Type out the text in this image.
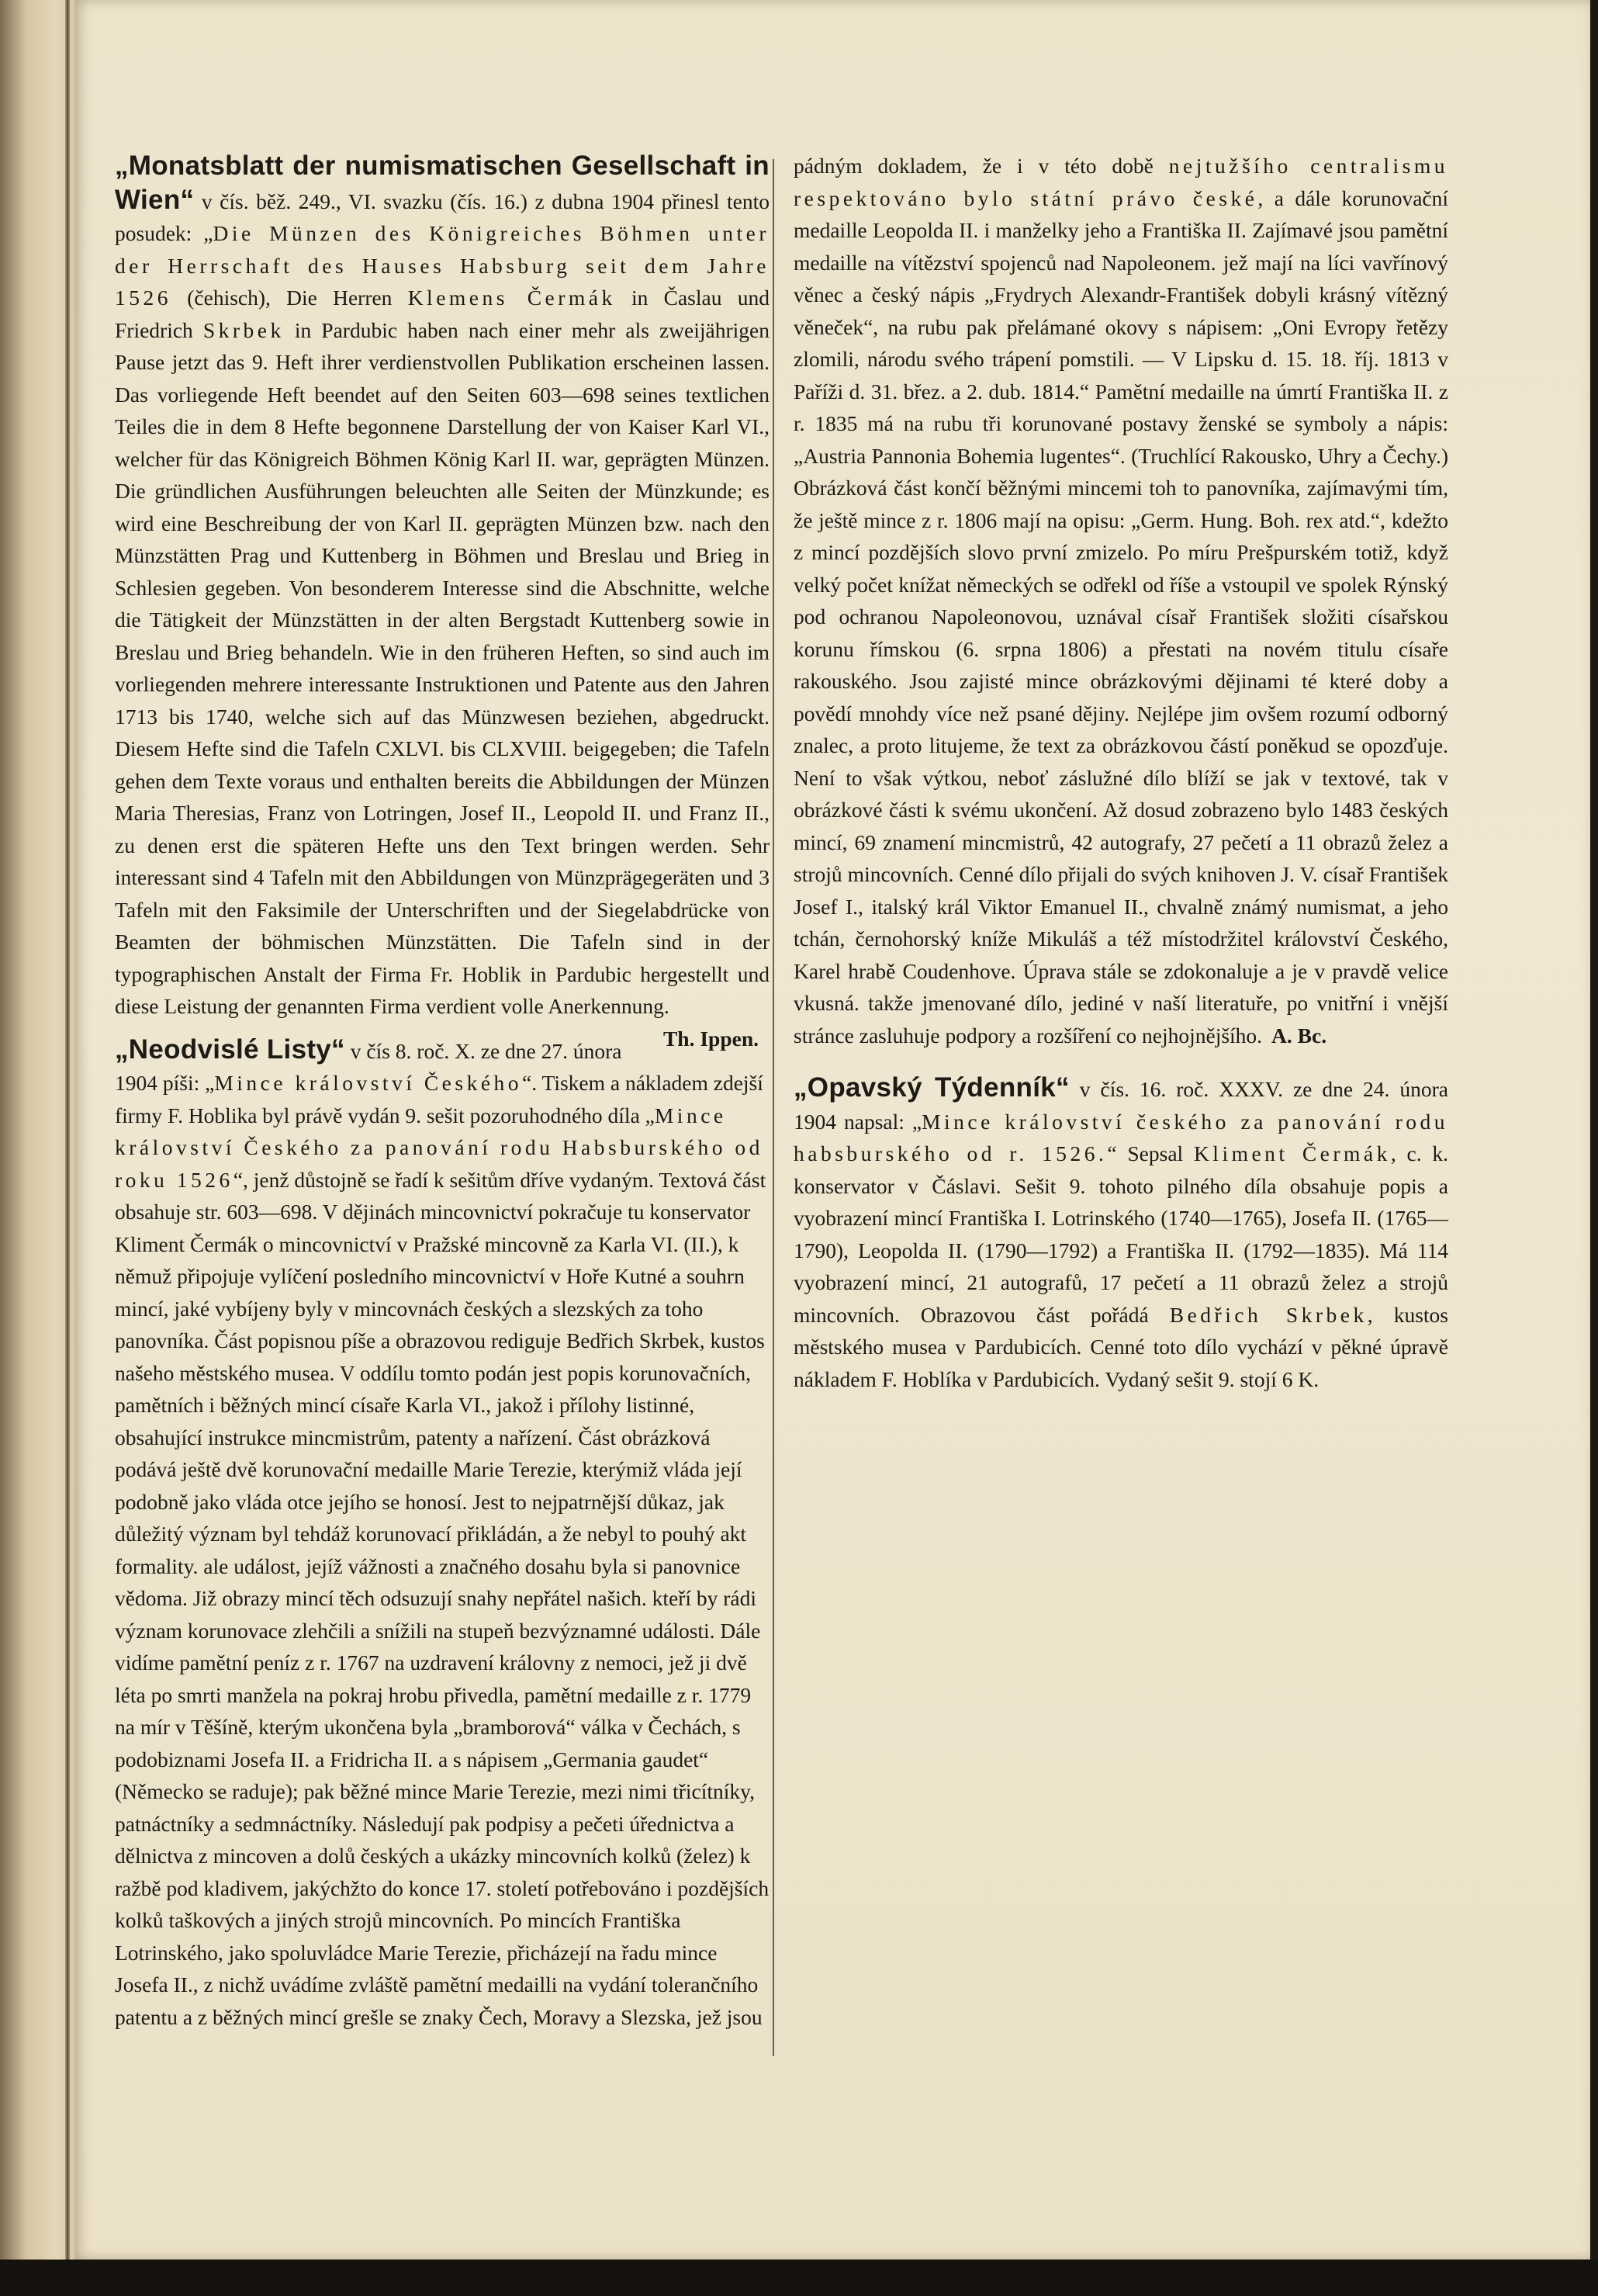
„Monatsblatt der numismatischen Gesellschaft in Wien“ v čís. běž. 249., VI. svazku (čís. 16.) z dubna 1904 přinesl tento posudek: „Die Münzen des Königreiches Böhmen unter der Herrschaft des Hauses Habsburg seit dem Jahre 1526 (čehisch), Die Herren Klemens Čermák in Časlau und Friedrich Skrbek in Pardubic haben nach einer mehr als zweijährigen Pause jetzt das 9. Heft ihrer verdienstvollen Publikation erscheinen lassen. Das vorliegende Heft beendet auf den Seiten 603—698 seines textlichen Teiles die in dem 8 Hefte begonnene Darstellung der von Kaiser Karl VI., welcher für das Königreich Böhmen König Karl II. war, geprägten Münzen. Die gründlichen Ausführungen beleuchten alle Seiten der Münzkunde; es wird eine Beschreibung der von Karl II. geprägten Münzen bzw. nach den Münzstätten Prag und Kuttenberg in Böhmen und Breslau und Brieg in Schlesien gegeben. Von besonderem Interesse sind die Abschnitte, welche die Tätigkeit der Münzstätten in der alten Bergstadt Kuttenberg sowie in Breslau und Brieg behandeln. Wie in den früheren Heften, so sind auch im vorliegenden mehrere interessante Instruktionen und Patente aus den Jahren 1713 bis 1740, welche sich auf das Münzwesen beziehen, abgedruckt. Diesem Hefte sind die Tafeln CXLVI. bis CLXVIII. beigegeben; die Tafeln gehen dem Texte voraus und enthalten bereits die Abbildungen der Münzen Maria Theresias, Franz von Lotringen, Josef II., Leopold II. und Franz II., zu denen erst die späteren Hefte uns den Text bringen werden. Sehr interessant sind 4 Tafeln mit den Abbildungen von Münzprägegeräten und 3 Tafeln mit den Faksimile der Unterschriften und der Siegelabdrücke von Beamten der böhmischen Münzstätten. Die Tafeln sind in der typographischen Anstalt der Firma Fr. Hoblik in Pardubic hergestellt und diese Leistung der genannten Firma verdient volle Anerkennung.
Th. Ippen.

„Neodvislé Listy“ v čís 8. roč. X. ze dne 27. února 1904 píši: „Mince království Českého“. Tiskem a nákladem zdejší firmy F. Hoblika byl právě vydán 9. sešit pozoruhodného díla „Mince království Českého za panování rodu Habsburského od roku 1526“, jenž důstojně se řadí k sešitům dříve vydaným. Textová část obsahuje str. 603—698. V dějinách mincovnictví pokračuje tu konservator Kliment Čermák o mincovnictví v Pražské mincovně za Karla VI. (II.), k němuž připojuje vylíčení posledního mincovnictví v Hoře Kutné a souhrn mincí, jaké vybíjeny byly v mincovnách českých a slezských za toho panovníka. Část popisnou píše a obrazovou rediguje Bedřich Skrbek, kustos našeho městského musea. V oddílu tomto podán jest popis korunovačních, pamětních i běžných mincí císaře Karla VI., jakož i přílohy listinné, obsahující instrukce mincmistrům, patenty a nařízení. Část obrázková podává ještě dvě korunovační medaille Marie Terezie, kterýmiž vláda její podobně jako vláda otce jejího se honosí. Jest to nejpatrnější důkaz, jak důležitý význam byl tehdáž korunovací přikládán, a že nebyl to pouhý akt formality. ale událost, jejíž vážnosti a značného dosahu byla si panovnice vědoma. Již obrazy mincí těch odsuzují snahy nepřátel našich. kteří by rádi význam korunovace zlehčili a snížili na stupeň bezvýznamné události. Dále vidíme pamětní peníz z r. 1767 na uzdravení královny z nemoci, jež ji dvě léta po smrti manžela na pokraj hrobu přivedla, pamětní medaille z r. 1779 na mír v Těšíně, kterým ukončena byla „bramborová“ válka v Čechách, s podobiznami Josefa II. a Fridricha II. a s nápisem „Germania gaudet“ (Německo se raduje); pak běžné mince Marie Terezie, mezi nimi třicítníky, patnáctníky a sedmnáctníky. Následují pak podpisy a pečeti úřednictva a dělnictva z mincoven a dolů českých a ukázky mincovních kolků (želez) k ražbě pod kladivem, jakýchžto do konce 17. století potřebováno i pozdějších kolků taškových a jiných strojů mincovních. Po mincích Františka Lotrinského, jako spoluvládce Marie Terezie, přicházejí na řadu mince Josefa II., z nichž uvádíme zvláště pamětní medailli na vydání tolerančního patentu a z běžných mincí grešle se znaky Čech, Moravy a Slezska, jež jsou

pádným dokladem, že i v této době nejtužšího centralismu respektováno bylo státní právo české, a dále korunovační medaille Leopolda II. i manželky jeho a Františka II. Zajímavé jsou pamětní medaille na vítězství spojenců nad Napoleonem. jež mají na líci vavřínový věnec a český nápis „Frydrych Alexandr-František dobyli krásný vítězný věneček“, na rubu pak přelámané okovy s nápisem: „Oni Evropy řetězy zlomili, národu svého trápení pomstili. — V Lipsku d. 15. 18. říj. 1813 v Paříži d. 31. břez. a 2. dub. 1814.“ Pamětní medaille na úmrtí Františka II. z r. 1835 má na rubu tři korunované postavy ženské se symboly a nápis: „Austria Pannonia Bohemia lugentes“. (Truchlící Rakousko, Uhry a Čechy.) Obrázková část končí běžnými mincemi toh to panovníka, zajímavými tím, že ještě mince z r. 1806 mají na opisu: „Germ. Hung. Boh. rex atd.“, kdežto z mincí pozdějších slovo první zmizelo. Po míru Prešpurském totiž, když velký počet knížat německých se odřekl od říše a vstoupil ve spolek Rýnský pod ochranou Napoleonovou, uznával císař František složiti císařskou korunu římskou (6. srpna 1806) a přestati na novém titulu císaře rakouského. Jsou zajisté mince obrázkovými dějinami té které doby a povědí mnohdy více než psané dějiny. Nejlépe jim ovšem rozumí odborný znalec, a proto litujeme, že text za obrázkovou částí poněkud se opozďuje. Není to však výtkou, neboť záslužné dílo blíží se jak v textové, tak v obrázkové části k svému ukončení. Až dosud zobrazeno bylo 1483 českých mincí, 69 znamení mincmistrů, 42 autografy, 27 pečetí a 11 obrazů želez a strojů mincovních. Cenné dílo přijali do svých knihoven J. V. císař František Josef I., italský král Viktor Emanuel II., chvalně známý numismat, a jeho tchán, černohorský kníže Mikuláš a též místodržitel království Českého, Karel hrabě Coudenhove. Úprava stále se zdokonaluje a je v pravdě velice vkusná. takže jmenované dílo, jediné v naší literatuře, po vnitřní i vnější stránce zasluhuje podpory a rozšíření co nejhojnějšího. A. Bc.

„Opavský Týdenník“ v čís. 16. roč. XXXV. ze dne 24. února 1904 napsal: „Mince království českého za panování rodu habsburského od r. 1526.“ Sepsal Kliment Čermák, c. k. konservator v Čáslavi. Sešit 9. tohoto pilného díla obsahuje popis a vyobrazení mincí Františka I. Lotrinského (1740—1765), Josefa II. (1765—1790), Leopolda II. (1790—1792) a Františka II. (1792—1835). Má 114 vyobrazení mincí, 21 autografů, 17 pečetí a 11 obrazů želez a strojů mincovních. Obrazovou část pořádá Bedřich Skrbek, kustos městského musea v Pardubicích. Cenné toto dílo vychází v pěkné úpravě nákladem F. Hoblíka v Pardubicích. Vydaný sešit 9. stojí 6 K.
